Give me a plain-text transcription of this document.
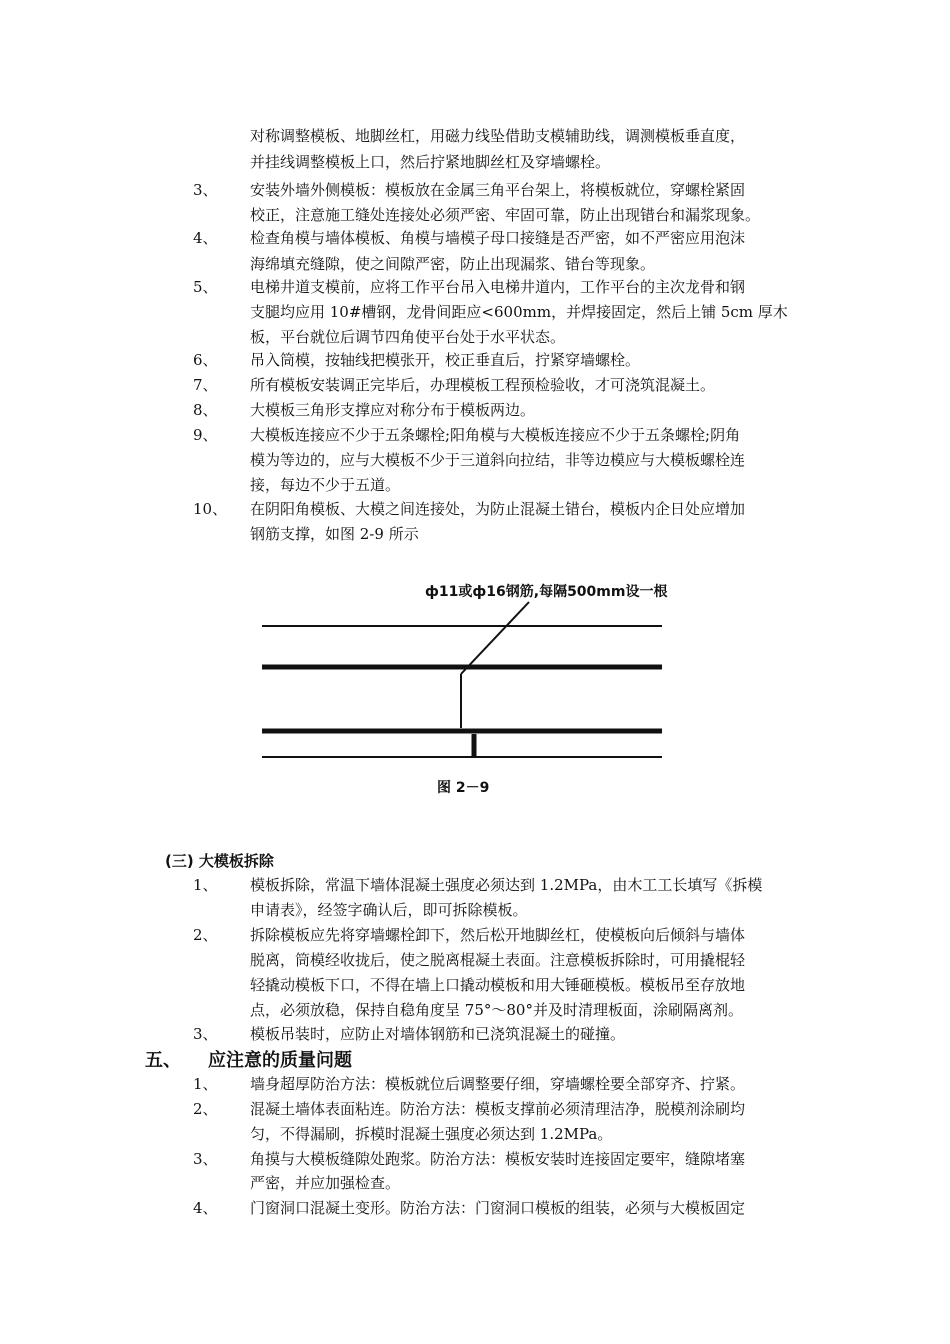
对称调整模板、地脚丝杠，用磁力线坠借助支模辅助线，调测模板垂直度，
并挂线调整模板上口，然后拧紧地脚丝杠及穿墙螺栓。
3、 安装外墙外侧模板：模板放在金属三角平台架上，将模板就位，穿螺栓紧固
校正，注意施工缝处连接处必须严密、牢固可靠，防止出现错台和漏浆现象。
4、 检查角模与墙体模板、角模与墙模子母口接缝是否严密，如不严密应用泡沫
海绵填充缝隙，使之间隙严密，防止出现漏浆、错台等现象。
5、 电梯井道支模前，应将工作平台吊入电梯井道内，工作平台的主次龙骨和钢
支腿均应用 10#槽钢，龙骨间距应<600mm，并焊接固定，然后上铺 5cm 厚木
板，平台就位后调节四角使平台处于水平状态。
6、 吊入筒模，按轴线把模张开，校正垂直后，拧紧穿墙螺栓。
7、 所有模板安装调正完毕后，办理模板工程预检验收，才可浇筑混凝土。
8、 大模板三角形支撑应对称分布于模板两边。
9、 大模板连接应不少于五条螺栓;阳角模与大模板连接应不少于五条螺栓;阴角
模为等边的，应与大模板不少于三道斜向拉结，非等边模应与大模板螺栓连
接，每边不少于五道。
10、 在阴阳角模板、大模之间连接处，为防止混凝土错台，模板内企日处应增加
钢筋支撑，如图 2-9 所示
ф11或ф16钢筋,每隔500mm设一根
图 2－9
(三) 大模板拆除
1、 模板拆除，常温下墙体混凝土强度必须达到 1.2MPa，由木工工长填写《拆模
申请表》，经签字确认后，即可拆除模板。
2、 拆除模板应先将穿墙螺栓卸下，然后松开地脚丝杠，使模板向后倾斜与墙体
脱离，筒模经收拢后，使之脱离棍凝土表面。注意模板拆除时，可用撬棍轻
轻撬动模板下口，不得在墙上口撬动模板和用大锤砸模板。模板吊至存放地
点，必须放稳，保持自稳角度呈 75°～80°并及时清理板面，涂刷隔离剂。
3、 模板吊装时，应防止对墙体钢筋和已浇筑混凝土的碰撞。
五、 应注意的质量问题
1、 墙身超厚防治方法：模板就位后调整要仔细，穿墙螺栓要全部穿齐、拧紧。
2、 混凝土墙体表面粘连。防治方法：模板支撑前必须清理洁净，脱模剂涂刷均
匀，不得漏刷，拆模时混凝土强度必须达到 1.2MPa。
3、 角摸与大模板缝隙处跑浆。防治方法：模板安装时连接固定要牢，缝隙堵塞
严密，并应加强检查。
4、 门窗洞口混凝土变形。防治方法：门窗洞口模板的组装，必须与大模板固定
